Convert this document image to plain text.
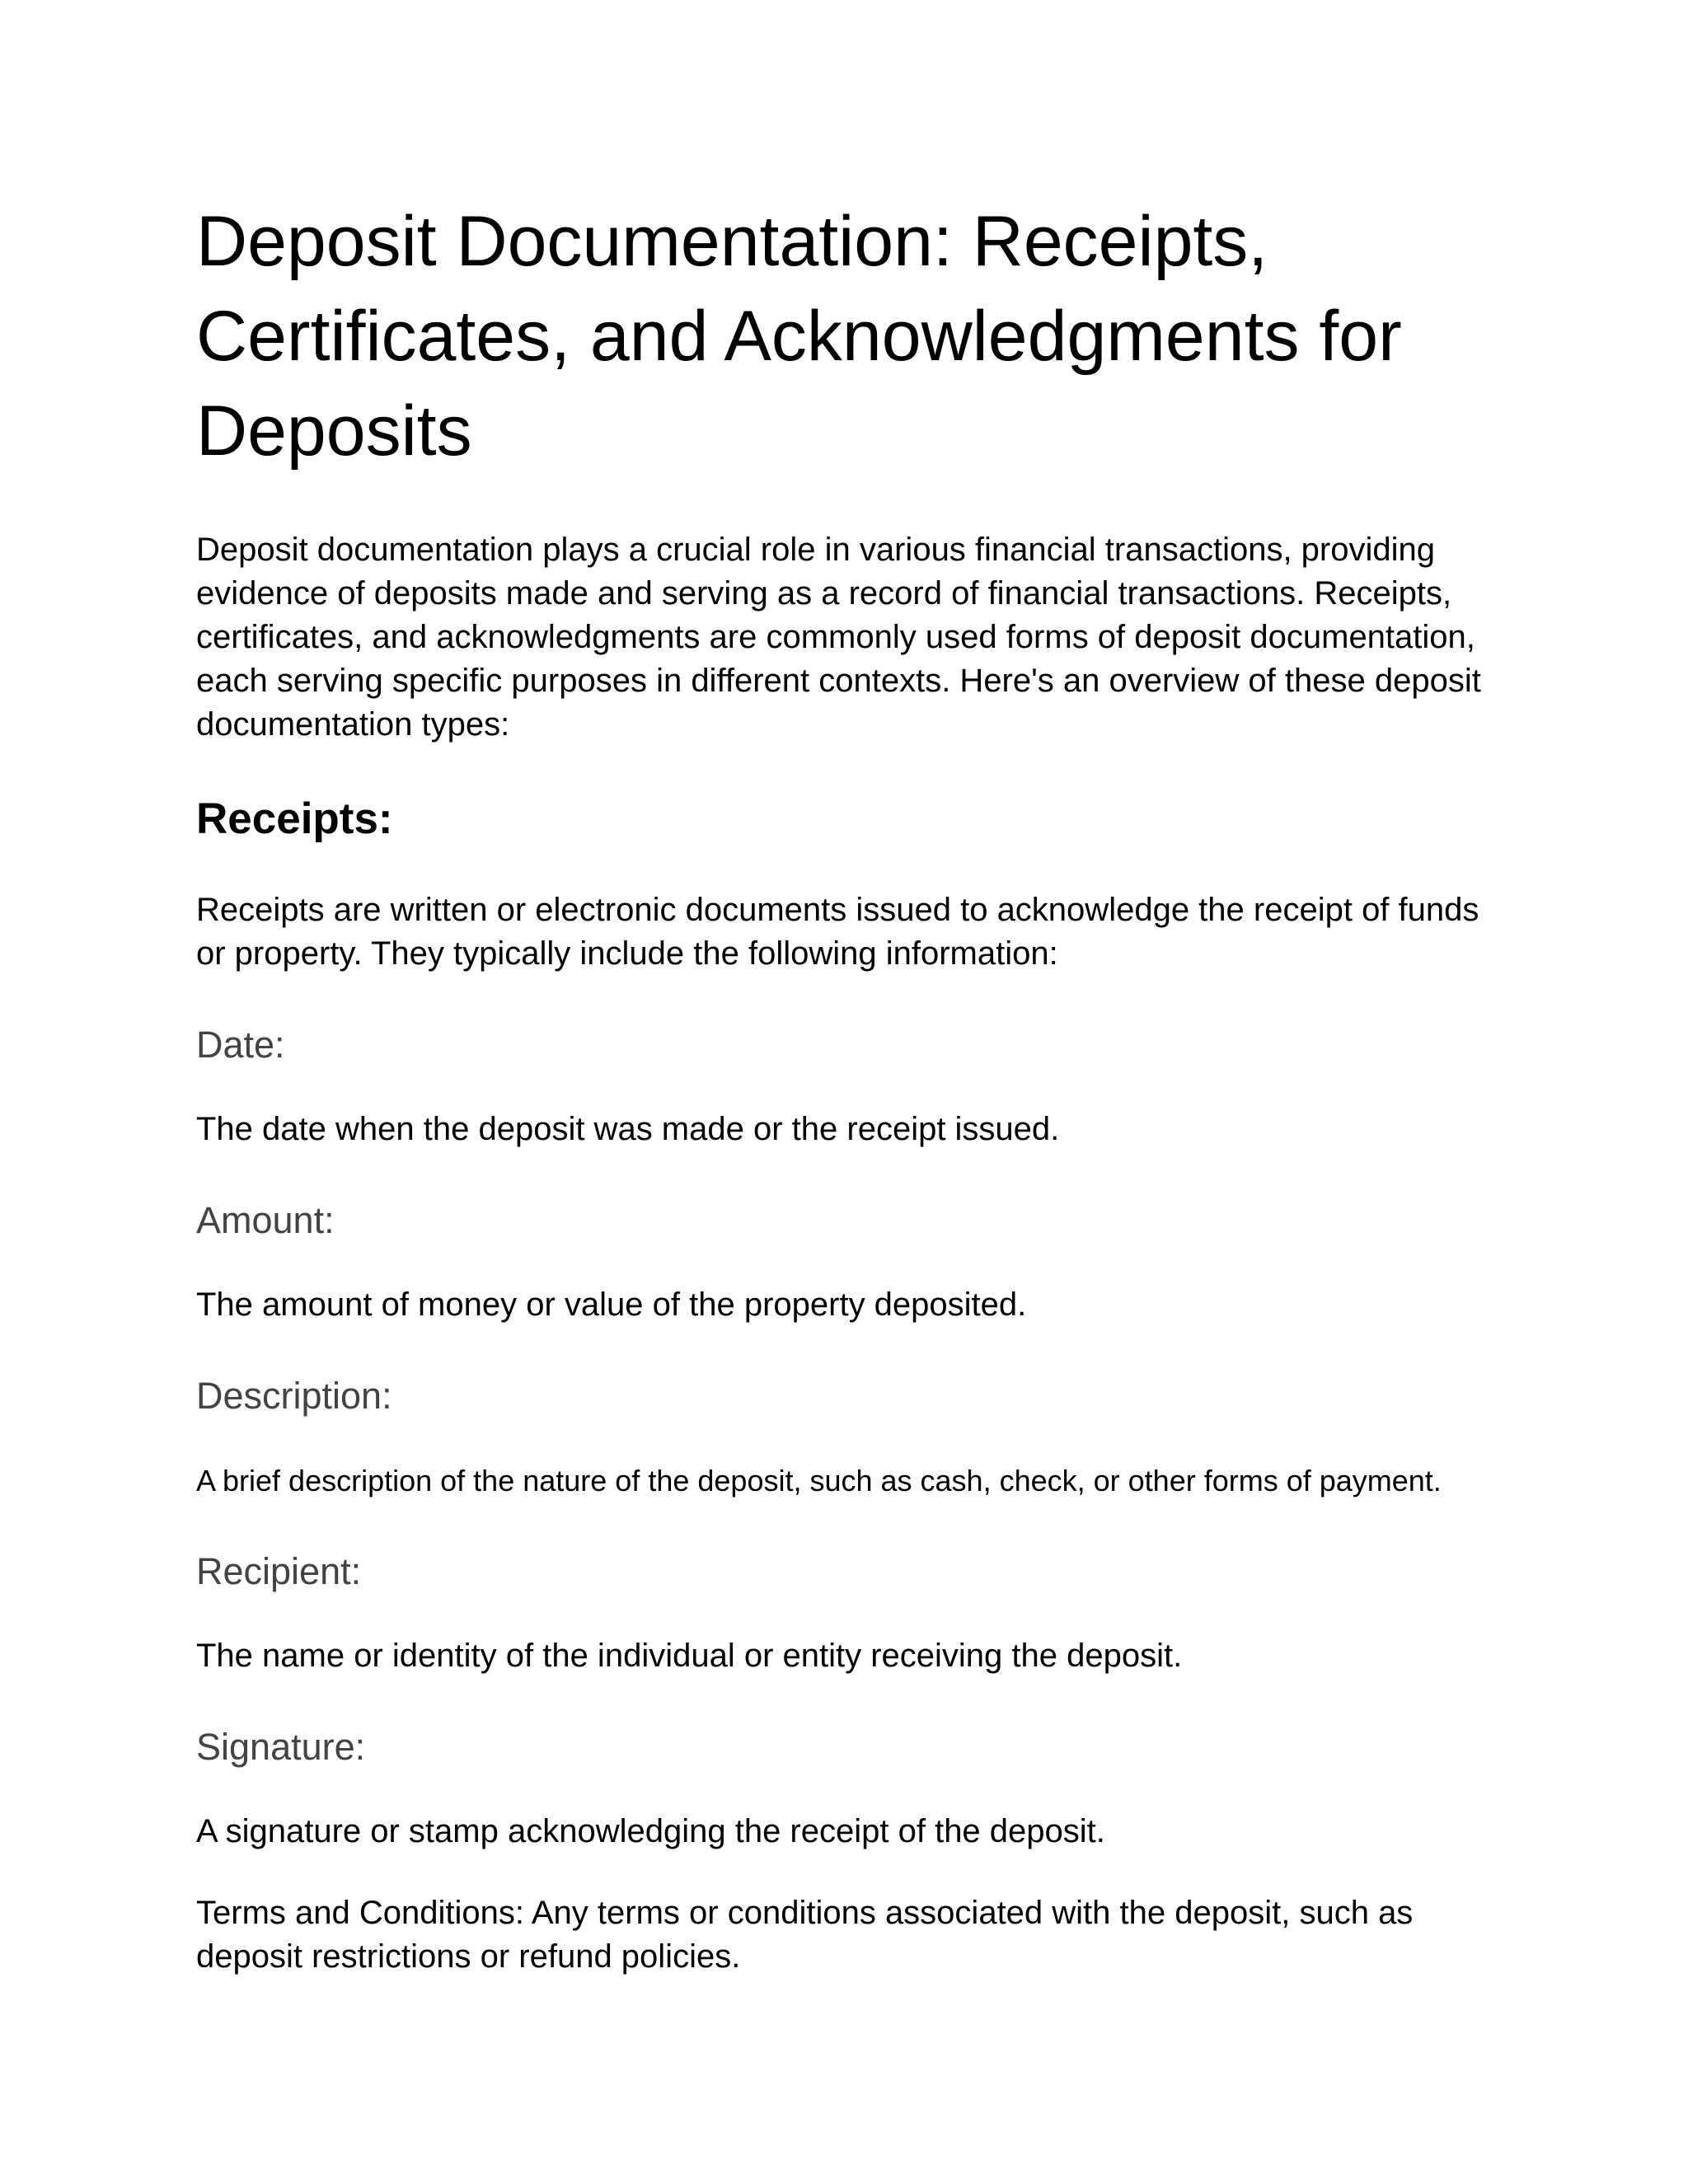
Deposit Documentation: Receipts, Certificates, and Acknowledgments for Deposits

Deposit documentation plays a crucial role in various financial transactions, providing evidence of deposits made and serving as a record of financial transactions. Receipts, certificates, and acknowledgments are commonly used forms of deposit documentation, each serving specific purposes in different contexts. Here's an overview of these deposit documentation types:

Receipts:

Receipts are written or electronic documents issued to acknowledge the receipt of funds or property. They typically include the following information:

Date:

The date when the deposit was made or the receipt issued.

Amount:

The amount of money or value of the property deposited.

Description:

A brief description of the nature of the deposit, such as cash, check, or other forms of payment.

Recipient:

The name or identity of the individual or entity receiving the deposit.

Signature:

A signature or stamp acknowledging the receipt of the deposit.

Terms and Conditions: Any terms or conditions associated with the deposit, such as deposit restrictions or refund policies.
